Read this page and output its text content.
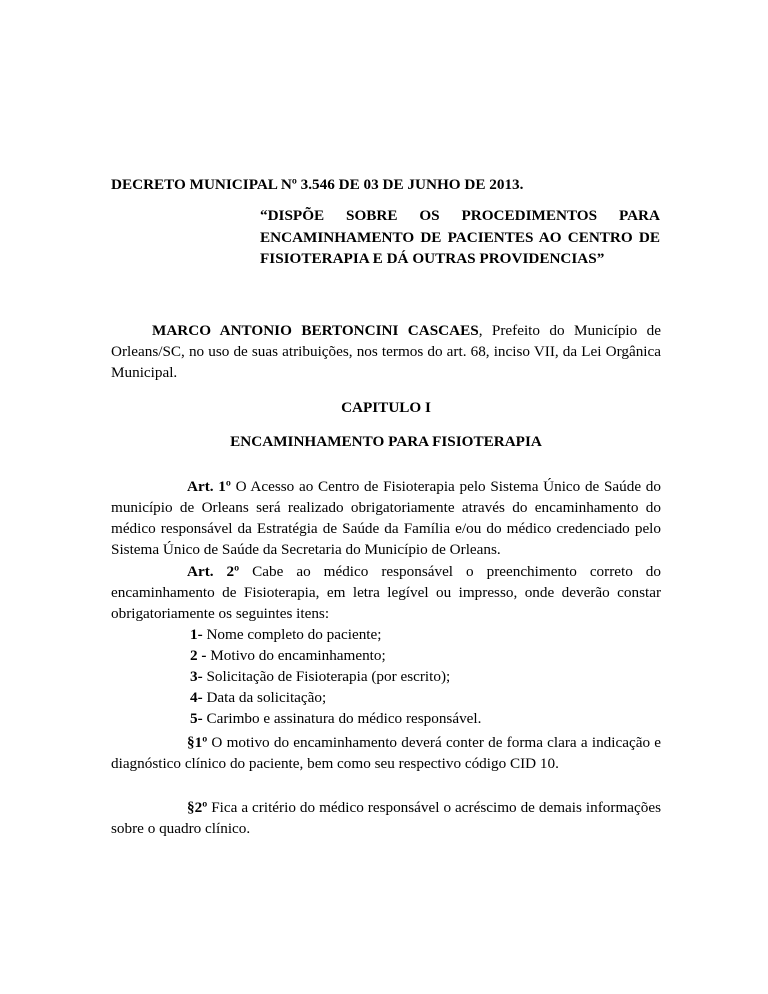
DECRETO MUNICIPAL Nº 3.546 DE 03 DE JUNHO DE 2013.

“DISPÕE SOBRE OS PROCEDIMENTOS PARA ENCAMINHAMENTO DE PACIENTES AO CENTRO DE FISIOTERAPIA E DÁ OUTRAS PROVIDENCIAS”

MARCO ANTONIO BERTONCINI CASCAES, Prefeito do Município de Orleans/SC, no uso de suas atribuições, nos termos do art. 68, inciso VII, da Lei Orgânica Municipal.

CAPITULO I

ENCAMINHAMENTO PARA FISIOTERAPIA

Art. 1º O Acesso ao Centro de Fisioterapia pelo Sistema Único de Saúde do município de Orleans será realizado obrigatoriamente através do encaminhamento do médico responsável da Estratégia de Saúde da Família e/ou do médico credenciado pelo Sistema Único de Saúde da Secretaria do Município de Orleans.

Art. 2º Cabe ao médico responsável o preenchimento correto do encaminhamento de Fisioterapia, em letra legível ou impresso, onde deverão constar obrigatoriamente os seguintes itens:

1- Nome completo do paciente;
2 - Motivo do encaminhamento;
3- Solicitação de Fisioterapia (por escrito);
4- Data da solicitação;
5- Carimbo e assinatura do médico responsável.

§1º O motivo do encaminhamento deverá conter de forma clara a indicação e diagnóstico clínico do paciente, bem como seu respectivo código CID 10.

§2º Fica a critério do médico responsável o acréscimo de demais informações sobre o quadro clínico.
